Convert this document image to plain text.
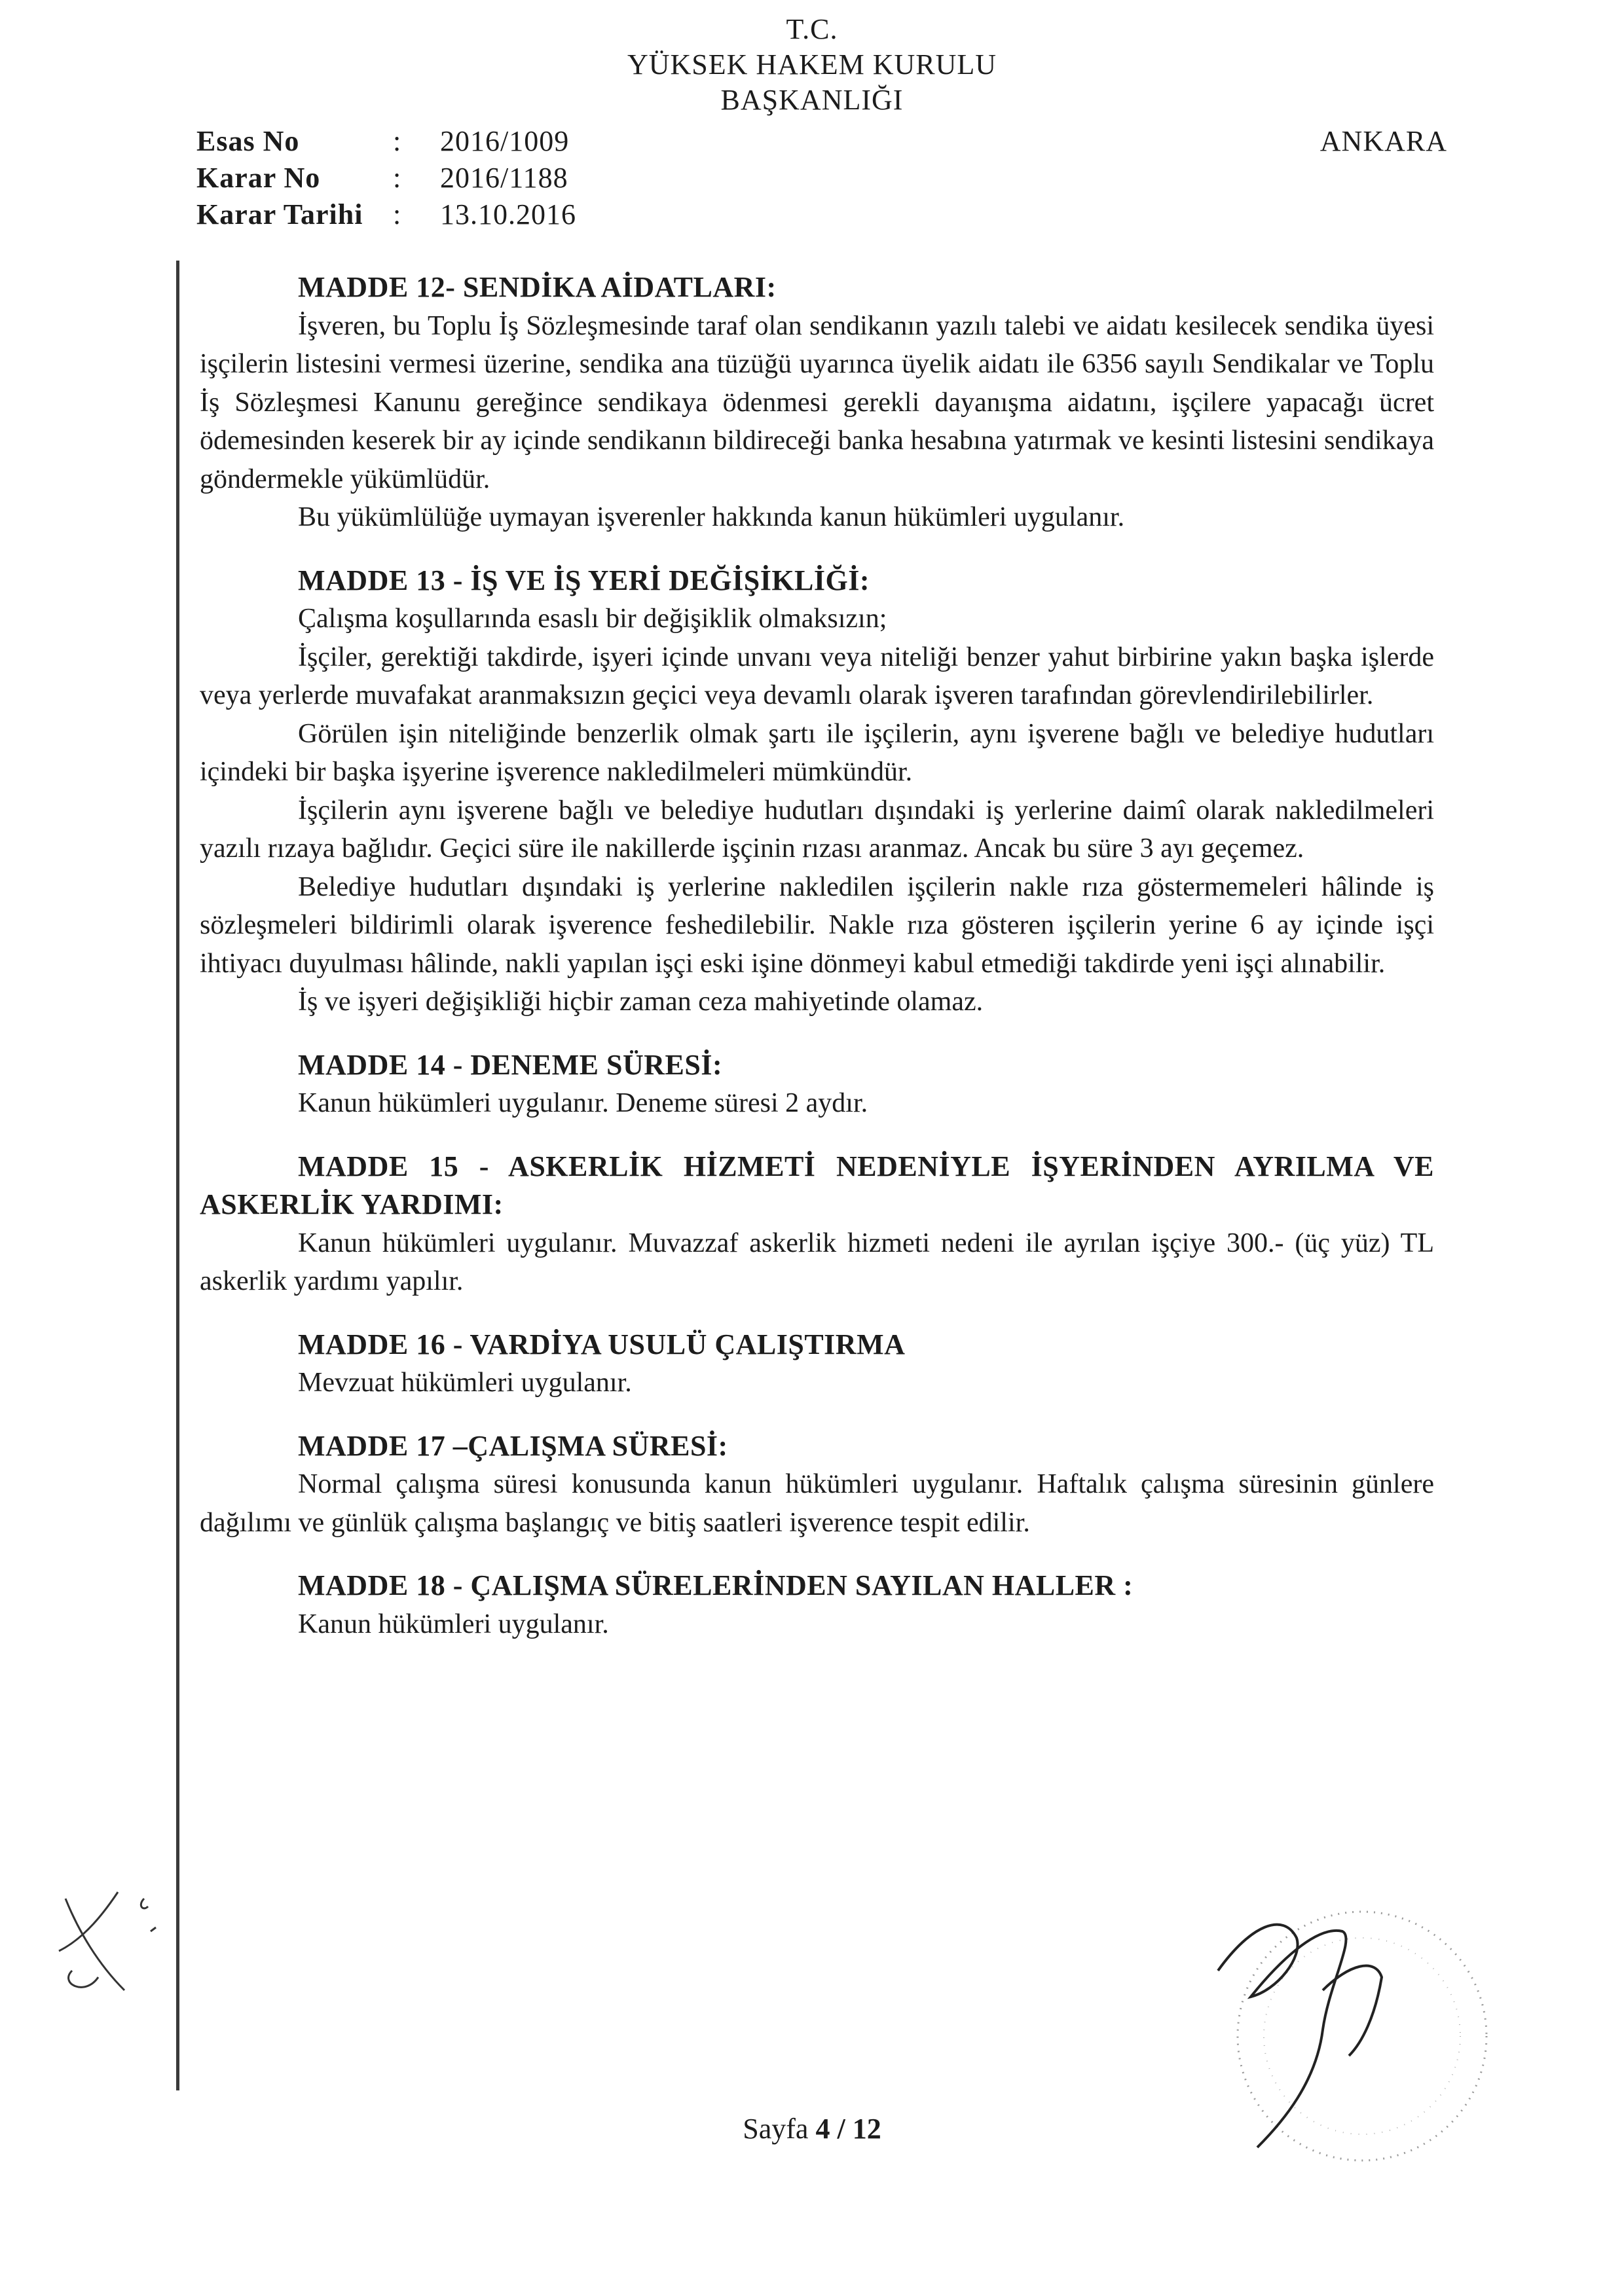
T.C.
YÜKSEK HAKEM KURULU
BAŞKANLIĞI
Esas No	:	2016/1009
Karar No	:	2016/1188
Karar Tarihi	:	13.10.2016
ANKARA

MADDE 12- SENDİKA AİDATLARI:

İşveren, bu Toplu İş Sözleşmesinde taraf olan sendikanın yazılı talebi ve aidatı kesilecek sendika üyesi işçilerin listesini vermesi üzerine, sendika ana tüzüğü uyarınca üyelik aidatı ile 6356 sayılı Sendikalar ve Toplu İş Sözleşmesi Kanunu gereğince sendikaya ödenmesi gerekli dayanışma aidatını, işçilere yapacağı ücret ödemesinden keserek bir ay içinde sendikanın bildireceği banka hesabına yatırmak ve kesinti listesini sendikaya göndermekle yükümlüdür.

Bu yükümlülüğe uymayan işverenler hakkında kanun hükümleri uygulanır.

MADDE 13 - İŞ VE İŞ YERİ DEĞİŞİKLİĞİ:

Çalışma koşullarında esaslı bir değişiklik olmaksızın;

İşçiler, gerektiği takdirde, işyeri içinde unvanı veya niteliği benzer yahut birbirine yakın başka işlerde veya yerlerde muvafakat aranmaksızın geçici veya devamlı olarak işveren tarafından görevlendirilebilirler.

Görülen işin niteliğinde benzerlik olmak şartı ile işçilerin, aynı işverene bağlı ve belediye hudutları içindeki bir başka işyerine işverence nakledilmeleri mümkündür.

İşçilerin aynı işverene bağlı ve belediye hudutları dışındaki iş yerlerine daimî olarak nakledilmeleri yazılı rızaya bağlıdır. Geçici süre ile nakillerde işçinin rızası aranmaz. Ancak bu süre 3 ayı geçemez.

Belediye hudutları dışındaki iş yerlerine nakledilen işçilerin nakle rıza göstermemeleri hâlinde iş sözleşmeleri bildirimli olarak işverence feshedilebilir. Nakle rıza gösteren işçilerin yerine 6 ay içinde işçi ihtiyacı duyulması hâlinde, nakli yapılan işçi eski işine dönmeyi kabul etmediği takdirde yeni işçi alınabilir.

İş ve işyeri değişikliği hiçbir zaman ceza mahiyetinde olamaz.

MADDE 14 - DENEME SÜRESİ:

Kanun hükümleri uygulanır. Deneme süresi 2 aydır.

MADDE 15 - ASKERLİK HİZMETİ NEDENİYLE İŞYERİNDEN AYRILMA VE ASKERLİK YARDIMI:

Kanun hükümleri uygulanır. Muvazzaf askerlik hizmeti nedeni ile ayrılan işçiye 300.- (üç yüz) TL askerlik yardımı yapılır.

MADDE 16 - VARDİYA USULÜ ÇALIŞTIRMA

Mevzuat hükümleri uygulanır.

MADDE 17 –ÇALIŞMA SÜRESİ:

Normal çalışma süresi konusunda kanun hükümleri uygulanır. Haftalık çalışma süresinin günlere dağılımı ve günlük çalışma başlangıç ve bitiş saatleri işverence tespit edilir.

MADDE 18 - ÇALIŞMA SÜRELERİNDEN SAYILAN HALLER :

Kanun hükümleri uygulanır.

Sayfa 4 / 12
